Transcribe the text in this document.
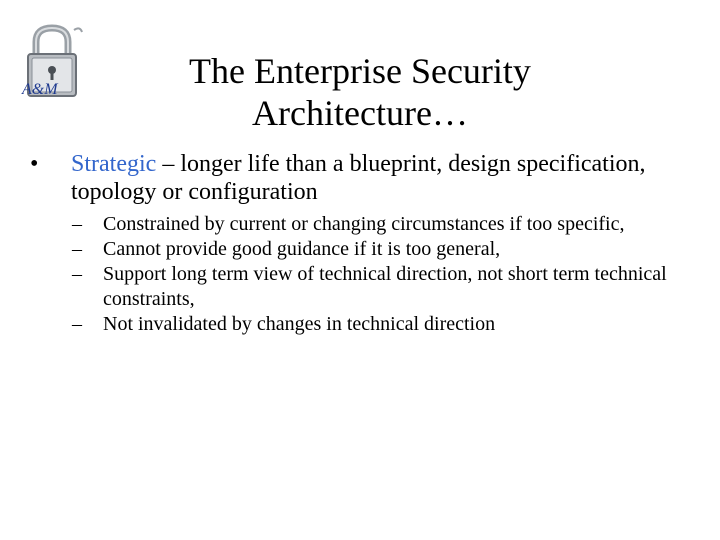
A&M	The Enterprise Security
Architecture…
•	Strategic – longer life than a blueprint, design specification, topology or configuration
– Constrained by current or changing circumstances if too specific,
– Cannot provide good guidance if it is too general,
– Support long term view of technical direction, not short term technical constraints,
– Not invalidated by changes in technical direction
